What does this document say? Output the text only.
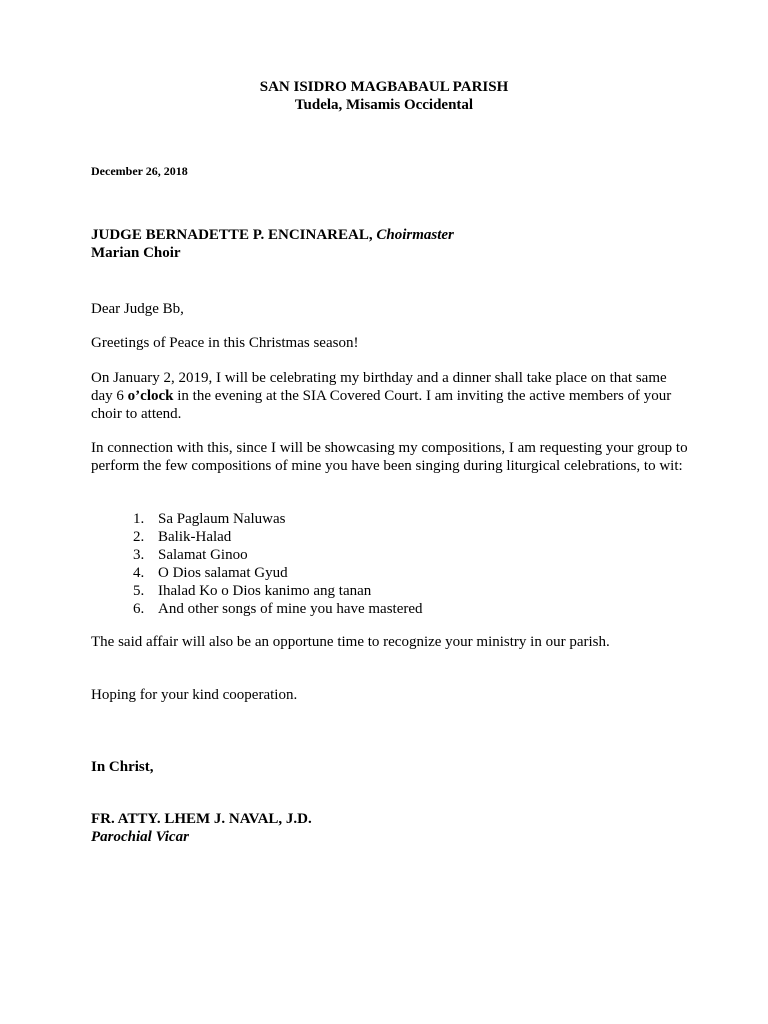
SAN ISIDRO MAGBABAUL PARISH
Tudela, Misamis Occidental
December 26, 2018
JUDGE BERNADETTE P. ENCINAREAL, Choirmaster
Marian Choir

Dear Judge Bb,

Greetings of Peace in this Christmas season!

On January 2, 2019, I will be celebrating my birthday and a dinner shall take place on that same day 6 o’clock in the evening at the SIA Covered Court. I am inviting the active members of your choir to attend.

In connection with this, since I will be showcasing my compositions, I am requesting your group to perform the few compositions of mine you have been singing during liturgical celebrations, to wit:

1. Sa Paglaum Naluwas
2. Balik-Halad
3. Salamat Ginoo
4. O Dios salamat Gyud
5. Ihalad Ko o Dios kanimo ang tanan
6. And other songs of mine you have mastered

The said affair will also be an opportune time to recognize your ministry in our parish.

Hoping for your kind cooperation.

In Christ,

FR. ATTY. LHEM J. NAVAL, J.D.

Parochial Vicar
